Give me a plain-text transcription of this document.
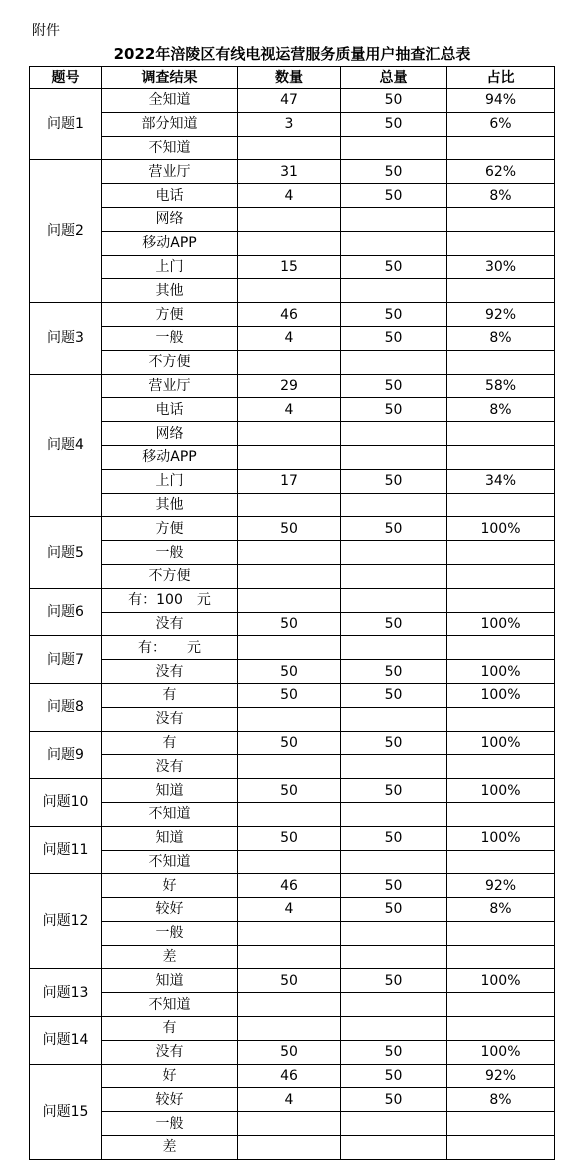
附件
2022年涪陵区有线电视运营服务质量用户抽查汇总表
题号	调查结果	数量	总量	占比
问题1	全知道	47	50	94%
	部分知道	3	50	6%
	不知道			
问题2	营业厅	31	50	62%
	电话	4	50	8%
	网络			
	移动APP			
	上门	15	50	30%
	其他			
问题3	方便	46	50	92%
	一般	4	50	8%
	不方便			
问题4	营业厅	29	50	58%
	电话	4	50	8%
	网络			
	移动APP			
	上门	17	50	34%
	其他			
问题5	方便	50	50	100%
	一般			
	不方便			
问题6	有：100　元			
	没有	50	50	100%
问题7	有：　　元			
	没有	50	50	100%
问题8	有	50	50	100%
	没有			
问题9	有	50	50	100%
	没有			
问题10	知道	50	50	100%
	不知道			
问题11	知道	50	50	100%
	不知道			
问题12	好	46	50	92%
	较好	4	50	8%
	一般			
	差			
问题13	知道	50	50	100%
	不知道			
问题14	有			
	没有	50	50	100%
问题15	好	46	50	92%
	较好	4	50	8%
	一般			
	差			
